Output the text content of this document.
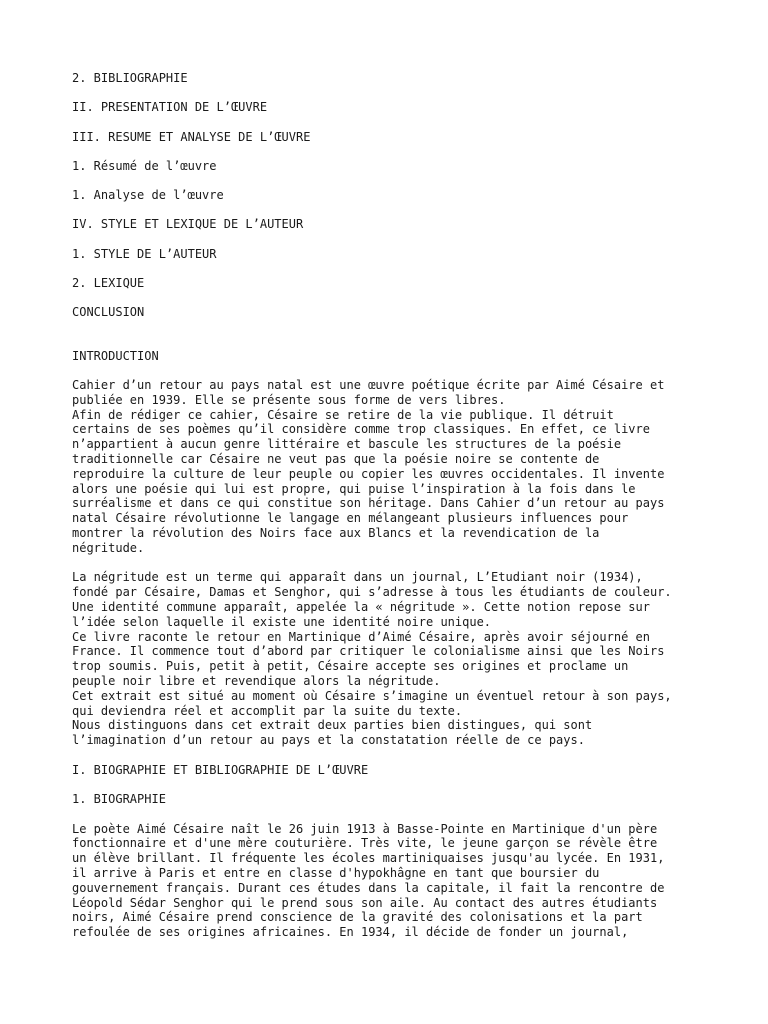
2. BIBLIOGRAPHIE
II. PRESENTATION DE L’ŒUVRE
III. RESUME ET ANALYSE DE L’ŒUVRE
1. Résumé de l’œuvre
1. Analyse de l’œuvre
IV. STYLE ET LEXIQUE DE L’AUTEUR
1. STYLE DE L’AUTEUR
2. LEXIQUE
CONCLUSION
INTRODUCTION
Cahier d’un retour au pays natal est une œuvre poétique écrite par Aimé Césaire et
publiée en 1939. Elle se présente sous forme de vers libres.
Afin de rédiger ce cahier, Césaire se retire de la vie publique. Il détruit
certains de ses poèmes qu’il considère comme trop classiques. En effet, ce livre
n’appartient à aucun genre littéraire et bascule les structures de la poésie
traditionnelle car Césaire ne veut pas que la poésie noire se contente de
reproduire la culture de leur peuple ou copier les œuvres occidentales. Il invente
alors une poésie qui lui est propre, qui puise l’inspiration à la fois dans le
surréalisme et dans ce qui constitue son héritage. Dans Cahier d’un retour au pays
natal Césaire révolutionne le langage en mélangeant plusieurs influences pour
montrer la révolution des Noirs face aux Blancs et la revendication de la
négritude.
La négritude est un terme qui apparaît dans un journal, L’Etudiant noir (1934),
fondé par Césaire, Damas et Senghor, qui s’adresse à tous les étudiants de couleur.
Une identité commune apparaît, appelée la « négritude ». Cette notion repose sur
l’idée selon laquelle il existe une identité noire unique.
Ce livre raconte le retour en Martinique d’Aimé Césaire, après avoir séjourné en
France. Il commence tout d’abord par critiquer le colonialisme ainsi que les Noirs
trop soumis. Puis, petit à petit, Césaire accepte ses origines et proclame un
peuple noir libre et revendique alors la négritude.
Cet extrait est situé au moment où Césaire s’imagine un éventuel retour à son pays,
qui deviendra réel et accomplit par la suite du texte.
Nous distinguons dans cet extrait deux parties bien distingues, qui sont
l’imagination d’un retour au pays et la constatation réelle de ce pays.
I. BIOGRAPHIE ET BIBLIOGRAPHIE DE L’ŒUVRE
1. BIOGRAPHIE
Le poète Aimé Césaire naît le 26 juin 1913 à Basse-Pointe en Martinique d'un père
fonctionnaire et d'une mère couturière. Très vite, le jeune garçon se révèle être
un élève brillant. Il fréquente les écoles martiniquaises jusqu'au lycée. En 1931,
il arrive à Paris et entre en classe d'hypokhâgne en tant que boursier du
gouvernement français. Durant ces études dans la capitale, il fait la rencontre de
Léopold Sédar Senghor qui le prend sous son aile. Au contact des autres étudiants
noirs, Aimé Césaire prend conscience de la gravité des colonisations et la part
refoulée de ses origines africaines. En 1934, il décide de fonder un journal,
